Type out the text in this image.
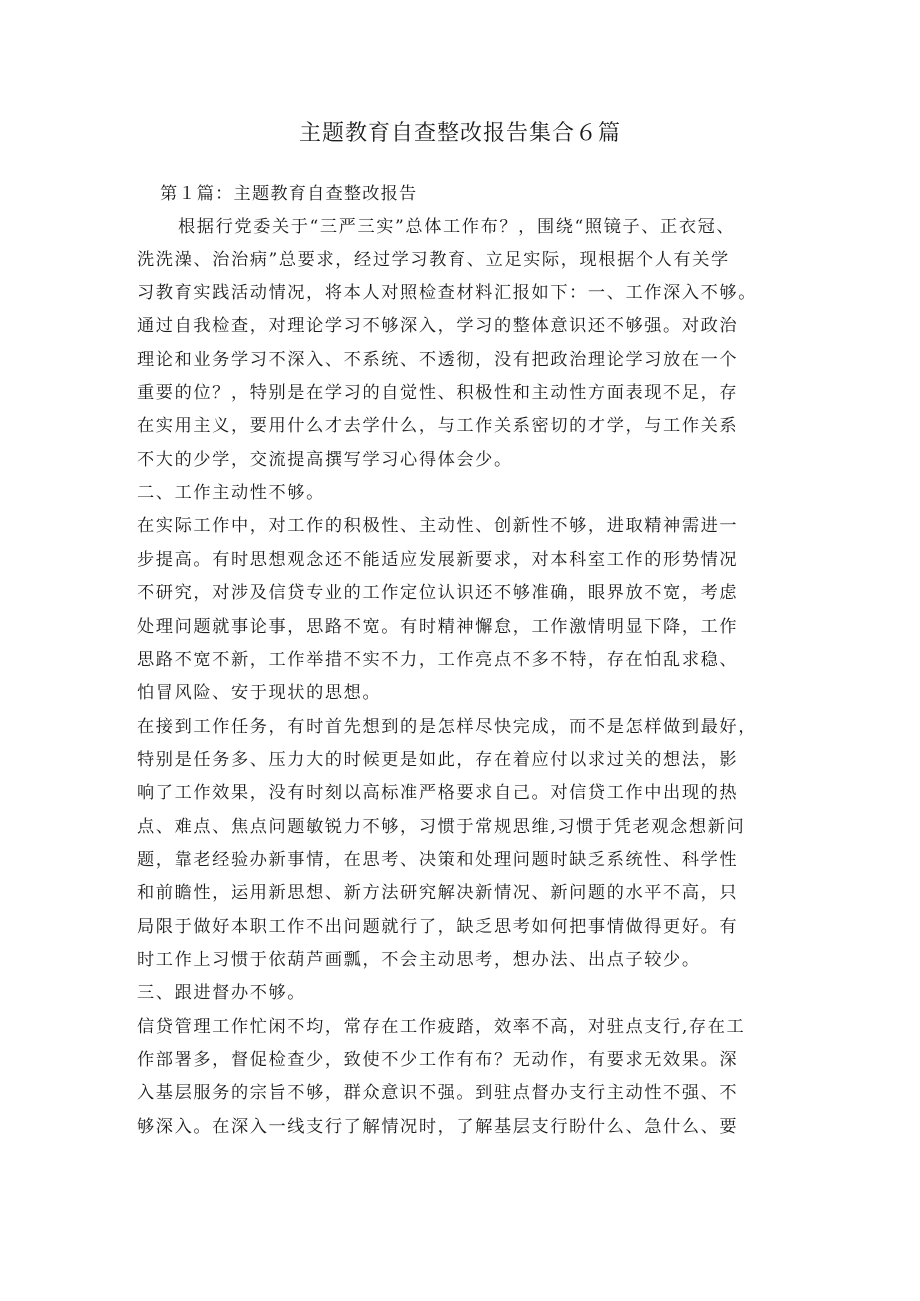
主题教育自查整改报告集合６篇
第１篇：主题教育自查整改报告
根据行党委关于“三严三实”总体工作布？，围绕“照镜子、正衣冠、
洗洗澡、治治病”总要求，经过学习教育、立足实际，现根据个人有关学
习教育实践活动情况，将本人对照检查材料汇报如下：一、工作深入不够。
通过自我检查，对理论学习不够深入，学习的整体意识还不够强。对政治
理论和业务学习不深入、不系统、不透彻，没有把政治理论学习放在一个
重要的位？，特别是在学习的自觉性、积极性和主动性方面表现不足，存
在实用主义，要用什么才去学什么，与工作关系密切的才学，与工作关系
不大的少学，交流提高撰写学习心得体会少。
二、工作主动性不够。
在实际工作中，对工作的积极性、主动性、创新性不够，进取精神需进一
步提高。有时思想观念还不能适应发展新要求，对本科室工作的形势情况
不研究，对涉及信贷专业的工作定位认识还不够准确，眼界放不宽，考虑
处理问题就事论事，思路不宽。有时精神懈怠，工作激情明显下降，工作
思路不宽不新，工作举措不实不力，工作亮点不多不特，存在怕乱求稳、
怕冒风险、安于现状的思想。
在接到工作任务，有时首先想到的是怎样尽快完成，而不是怎样做到最好，
特别是任务多、压力大的时候更是如此，存在着应付以求过关的想法，影
响了工作效果，没有时刻以高标准严格要求自己。对信贷工作中出现的热
点、难点、焦点问题敏锐力不够，习惯于常规思维,习惯于凭老观念想新问
题，靠老经验办新事情，在思考、决策和处理问题时缺乏系统性、科学性
和前瞻性，运用新思想、新方法研究解决新情况、新问题的水平不高，只
局限于做好本职工作不出问题就行了，缺乏思考如何把事情做得更好。有
时工作上习惯于依葫芦画瓢，不会主动思考，想办法、出点子较少。
三、跟进督办不够。
信贷管理工作忙闲不均，常存在工作疲踏，效率不高，对驻点支行,存在工
作部署多，督促检查少，致使不少工作有布？无动作，有要求无效果。深
入基层服务的宗旨不够，群众意识不强。到驻点督办支行主动性不强、不
够深入。在深入一线支行了解情况时，了解基层支行盼什么、急什么、要
